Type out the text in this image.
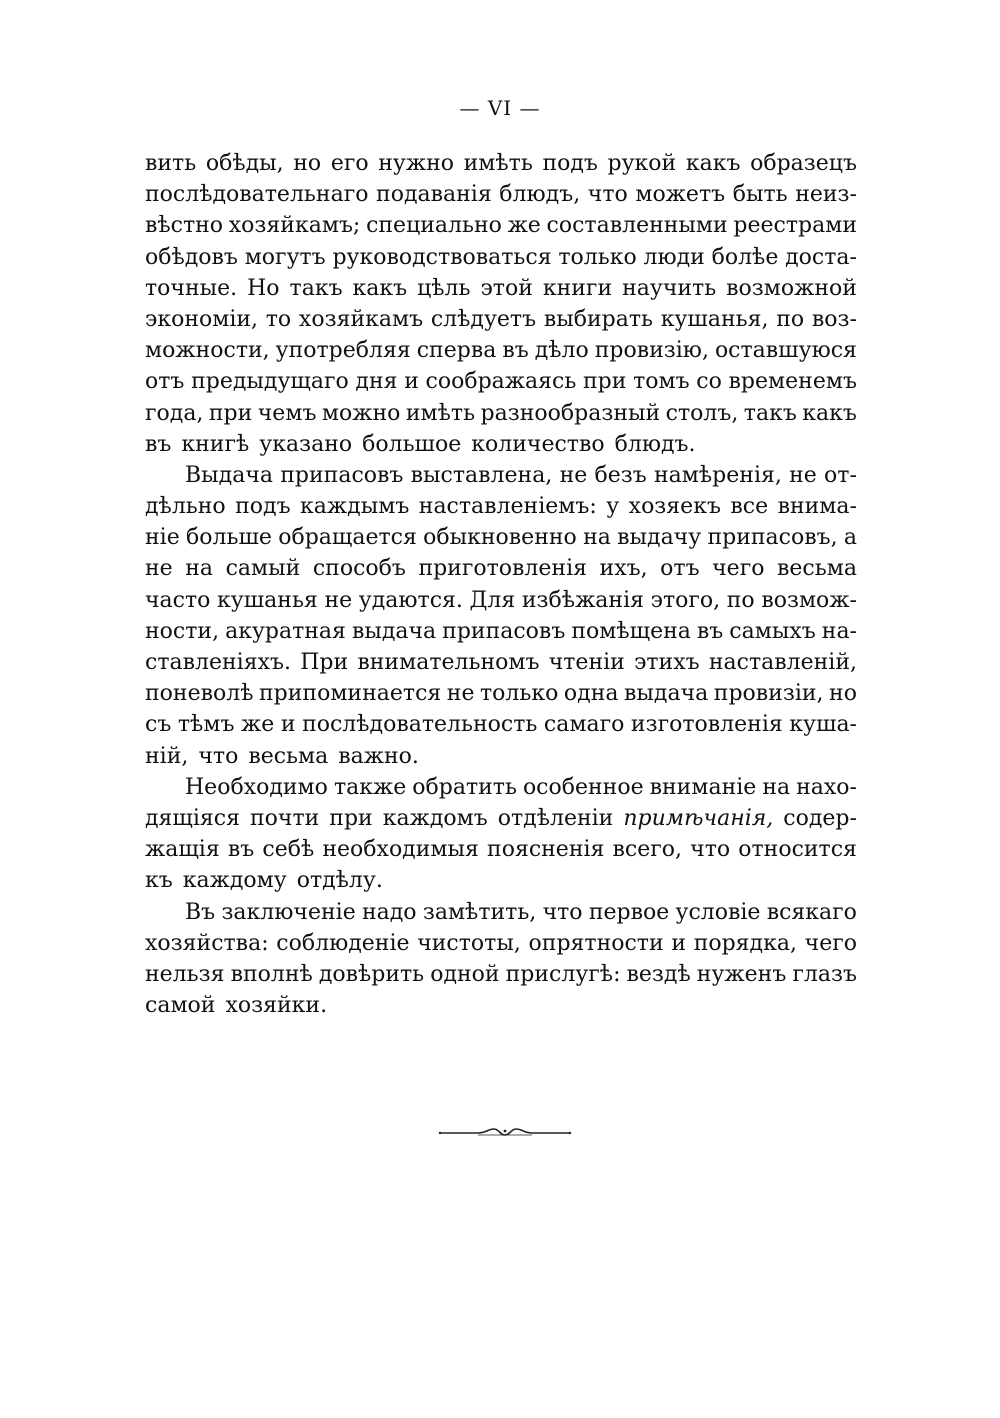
— VI —
вить обѣды, но его нужно имѣть подъ рукой какъ образецъ
послѣдовательнаго подаванія блюдъ, что можетъ быть неиз-
вѣстно хозяйкамъ; специально же составленными реестрами
обѣдовъ могутъ руководствоваться только люди болѣе доста-
точные. Но такъ какъ цѣль этой книги научить возможной
экономіи, то хозяйкамъ слѣдуетъ выбирать кушанья, по воз-
можности, употребляя сперва въ дѣло провизію, оставшуюся
отъ предыдущаго дня и соображаясь при томъ со временемъ
года, при чемъ можно имѣть разнообразный столъ, такъ какъ
въ книгѣ указано большое количество блюдъ.
Выдача припасовъ выставлена, не безъ намѣренія, не от-
дѣльно подъ каждымъ наставленіемъ: у хозяекъ все внима-
ніе больше обращается обыкновенно на выдачу припасовъ, а
не на самый способъ приготовленія ихъ, отъ чего весьма
часто кушанья не удаются. Для избѣжанія этого, по возмож-
ности, акуратная выдача припасовъ помѣщена въ самыхъ на-
ставленіяхъ. При внимательномъ чтеніи этихъ наставленій,
поневолѣ припоминается не только одна выдача провизіи, но
съ тѣмъ же и послѣдовательность самаго изготовленія куша-
ній, что весьма важно.
Необходимо также обратить особенное вниманіе на нахо-
дящіяся почти при каждомъ отдѣленіи примѣчанія, содер-
жащія въ себѣ необходимыя поясненія всего, что относится
къ каждому отдѣлу.
Въ заключеніе надо замѣтить, что первое условіе всякаго
хозяйства: соблюденіе чистоты, опрятности и порядка, чего
нельзя вполнѣ довѣрить одной прислугѣ: вездѣ нуженъ глазъ
самой хозяйки.
